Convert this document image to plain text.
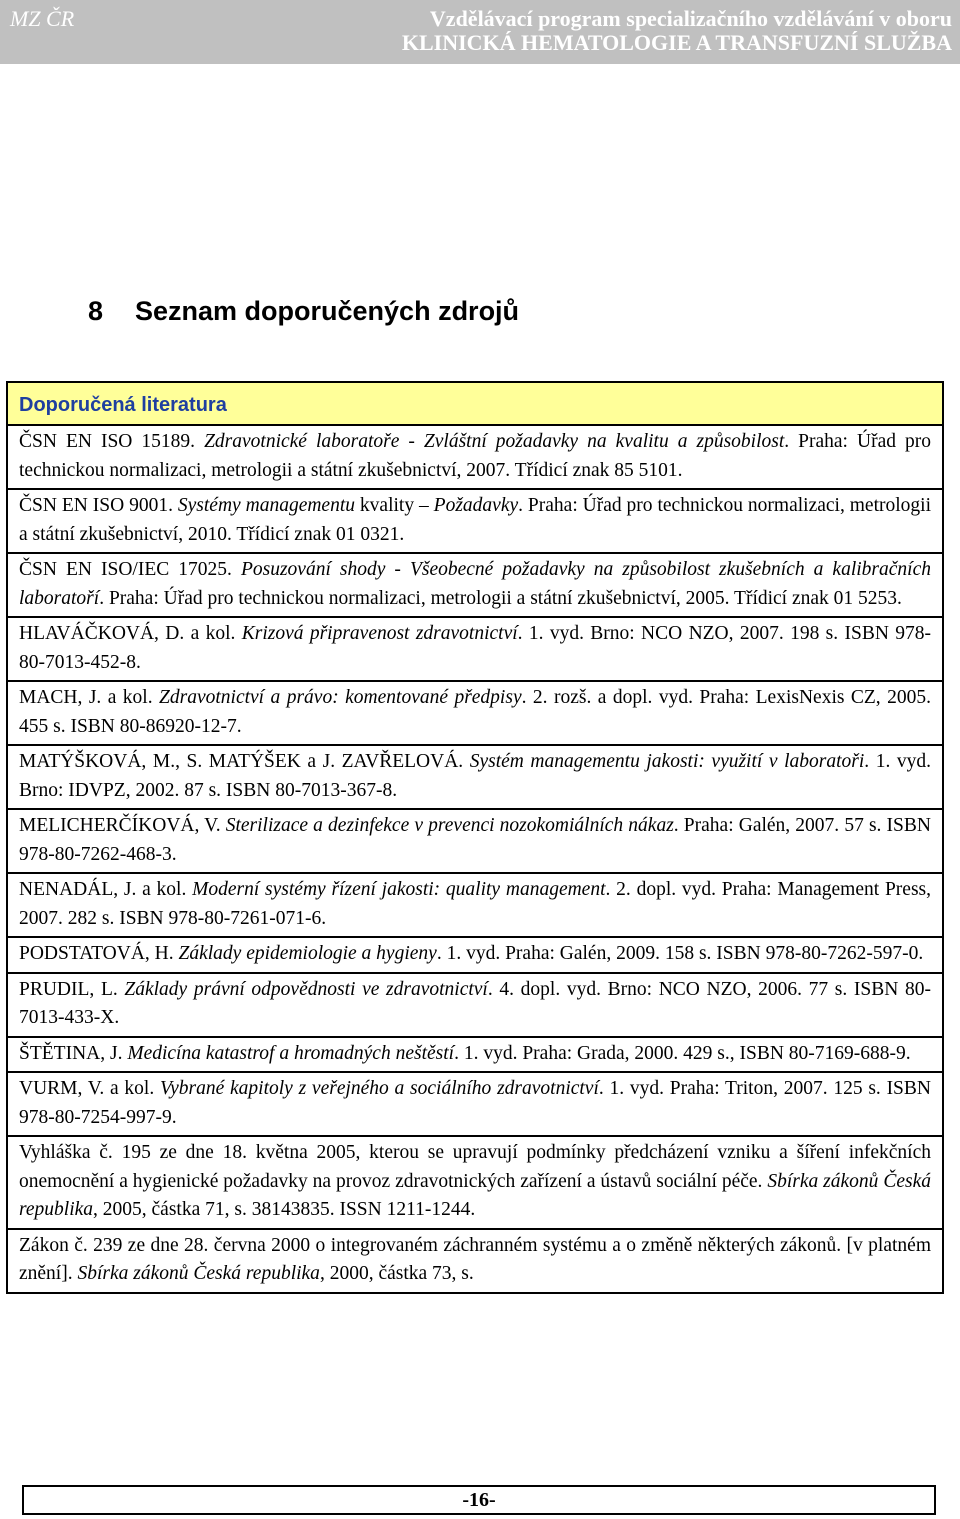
MZ ČR	Vzdělávací program specializačního vzdělávání v oboru
KLINICKÁ HEMATOLOGIE A TRANSFUZNÍ SLUŽBA
8 Seznam doporučených zdrojů
Doporučená literatura
ČSN EN ISO 15189. Zdravotnické laboratoře - Zvláštní požadavky na kvalitu a způsobilost. Praha: Úřad pro technickou normalizaci, metrologii a státní zkušebnictví, 2007. Třídicí znak 85 5101.
ČSN EN ISO 9001. Systémy managementu kvality – Požadavky. Praha: Úřad pro technickou normalizaci, metrologii a státní zkušebnictví, 2010. Třídicí znak 01 0321.
ČSN EN ISO/IEC 17025. Posuzování shody - Všeobecné požadavky na způsobilost zkušebních a kalibračních laboratoří. Praha: Úřad pro technickou normalizaci, metrologii a státní zkušebnictví, 2005. Třídicí znak 01 5253.
HLAVÁČKOVÁ, D. a kol. Krizová připravenost zdravotnictví. 1. vyd. Brno: NCO NZO, 2007. 198 s. ISBN 978-80-7013-452-8.
MACH, J. a kol. Zdravotnictví a právo: komentované předpisy. 2. rozš. a dopl. vyd. Praha: LexisNexis CZ, 2005. 455 s. ISBN 80-86920-12-7.
MATÝŠKOVÁ, M., S. MATÝŠEK a J. ZAVŘELOVÁ. Systém managementu jakosti: využití v laboratoři. 1. vyd. Brno: IDVPZ, 2002. 87 s. ISBN 80-7013-367-8.
MELICHERČÍKOVÁ, V. Sterilizace a dezinfekce v prevenci nozokomiálních nákaz. Praha: Galén, 2007. 57 s. ISBN 978-80-7262-468-3.
NENADÁL, J. a kol. Moderní systémy řízení jakosti: quality management. 2. dopl. vyd. Praha: Management Press, 2007. 282 s. ISBN 978-80-7261-071-6.
PODSTATOVÁ, H. Základy epidemiologie a hygieny. 1. vyd. Praha: Galén, 2009. 158 s. ISBN 978-80-7262-597-0.
PRUDIL, L. Základy právní odpovědnosti ve zdravotnictví. 4. dopl. vyd. Brno: NCO NZO, 2006. 77 s. ISBN 80-7013-433-X.
ŠTĚTINA, J. Medicína katastrof a hromadných neštěstí. 1. vyd. Praha: Grada, 2000. 429 s., ISBN 80-7169-688-9.
VURM, V. a kol. Vybrané kapitoly z veřejného a sociálního zdravotnictví. 1. vyd. Praha: Triton, 2007. 125 s. ISBN 978-80-7254-997-9.
Vyhláška č. 195 ze dne 18. května 2005, kterou se upravují podmínky předcházení vzniku a šíření infekčních onemocnění a hygienické požadavky na provoz zdravotnických zařízení a ústavů sociální péče. Sbírka zákonů Česká republika, 2005, částka 71, s. 38143835. ISSN 1211-1244.
Zákon č. 239 ze dne 28. června 2000 o integrovaném záchranném systému a o změně některých zákonů. [v platném znění]. Sbírka zákonů Česká republika, 2000, částka 73, s.
-16-
